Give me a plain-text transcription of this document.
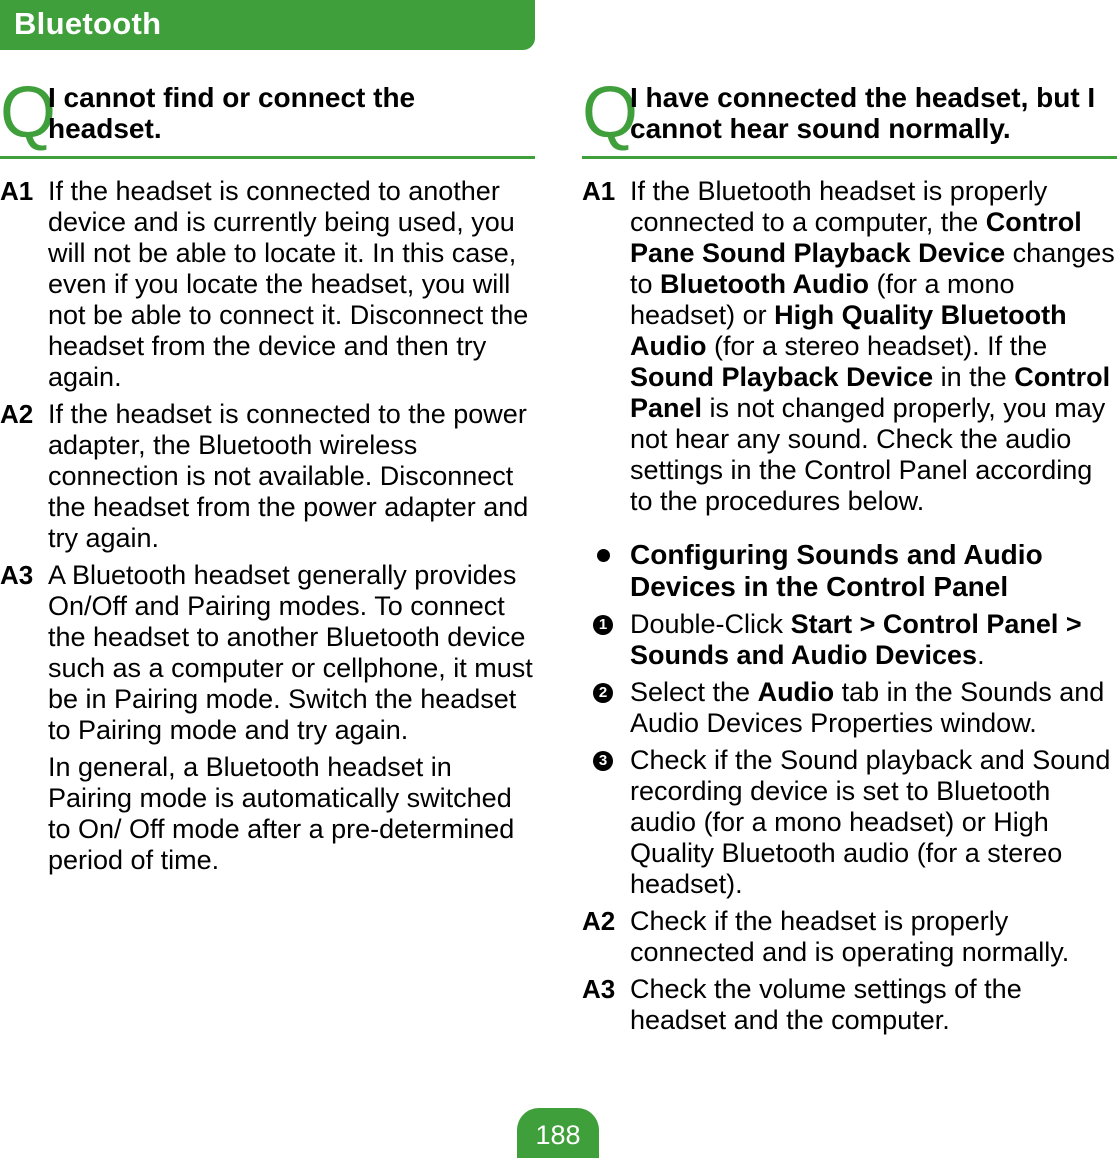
Bluetooth
Q
I cannot find or connect the headset.
A1 If the headset is connected to another device and is currently being used, you will not be able to locate it. In this case, even if you locate the headset, you will not be able to connect it. Disconnect the headset from the device and then try again.

A2 If the headset is connected to the power adapter, the Bluetooth wireless connection is not available. Disconnect the headset from the power adapter and try again.

A3 A Bluetooth headset generally provides On/Off and Pairing modes. To connect the headset to another Bluetooth device such as a computer or cellphone, it must be in Pairing mode. Switch the headset to Pairing mode and try again.

In general, a Bluetooth headset in Pairing mode is automatically switched to On/ Off mode after a pre-determined period of time.

Q
I have connected the headset, but I cannot hear sound normally.
A1 If the Bluetooth headset is properly connected to a computer, the Control Pane Sound Playback Device changes to Bluetooth Audio (for a mono headset) or High Quality Bluetooth Audio (for a stereo headset). If the Sound Playback Device in the Control Panel is not changed properly, you may not hear any sound. Check the audio settings in the Control Panel according to the procedures below.

Configuring Sounds and Audio Devices in the Control Panel
1 Double-Click Start > Control Panel > Sounds and Audio Devices.

2 Select the Audio tab in the Sounds and Audio Devices Properties window.

3 Check if the Sound playback and Sound recording device is set to Bluetooth audio (for a mono headset) or High Quality Bluetooth audio (for a stereo headset).

A2 Check if the headset is properly connected and is operating normally.

A3 Check the volume settings of the headset and the computer.

188
